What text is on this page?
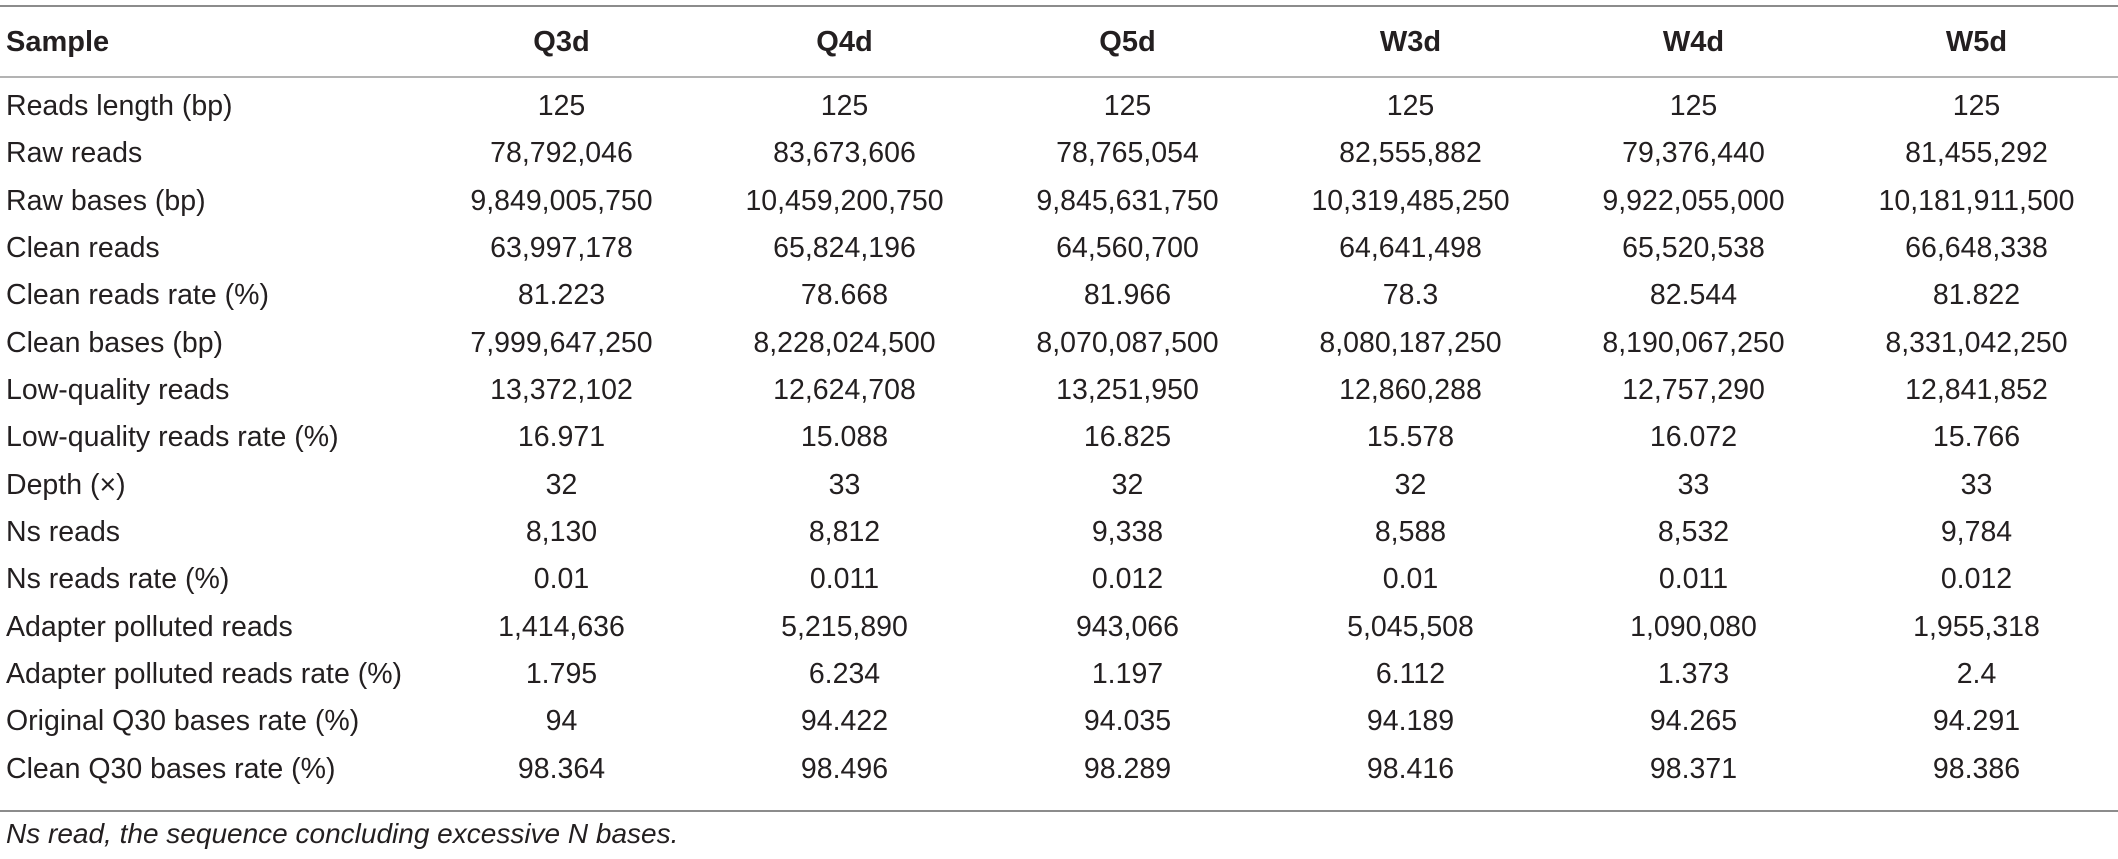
Sample	Q3d	Q4d	Q5d	W3d	W4d	W5d
Reads length (bp)	125	125	125	125	125	125
Raw reads	78,792,046	83,673,606	78,765,054	82,555,882	79,376,440	81,455,292
Raw bases (bp)	9,849,005,750	10,459,200,750	9,845,631,750	10,319,485,250	9,922,055,000	10,181,911,500
Clean reads	63,997,178	65,824,196	64,560,700	64,641,498	65,520,538	66,648,338
Clean reads rate (%)	81.223	78.668	81.966	78.3	82.544	81.822
Clean bases (bp)	7,999,647,250	8,228,024,500	8,070,087,500	8,080,187,250	8,190,067,250	8,331,042,250
Low-quality reads	13,372,102	12,624,708	13,251,950	12,860,288	12,757,290	12,841,852
Low-quality reads rate (%)	16.971	15.088	16.825	15.578	16.072	15.766
Depth (×)	32	33	32	32	33	33
Ns reads	8,130	8,812	9,338	8,588	8,532	9,784
Ns reads rate (%)	0.01	0.011	0.012	0.01	0.011	0.012
Adapter polluted reads	1,414,636	5,215,890	943,066	5,045,508	1,090,080	1,955,318
Adapter polluted reads rate (%)	1.795	6.234	1.197	6.112	1.373	2.4
Original Q30 bases rate (%)	94	94.422	94.035	94.189	94.265	94.291
Clean Q30 bases rate (%)	98.364	98.496	98.289	98.416	98.371	98.386
Ns read, the sequence concluding excessive N bases.
